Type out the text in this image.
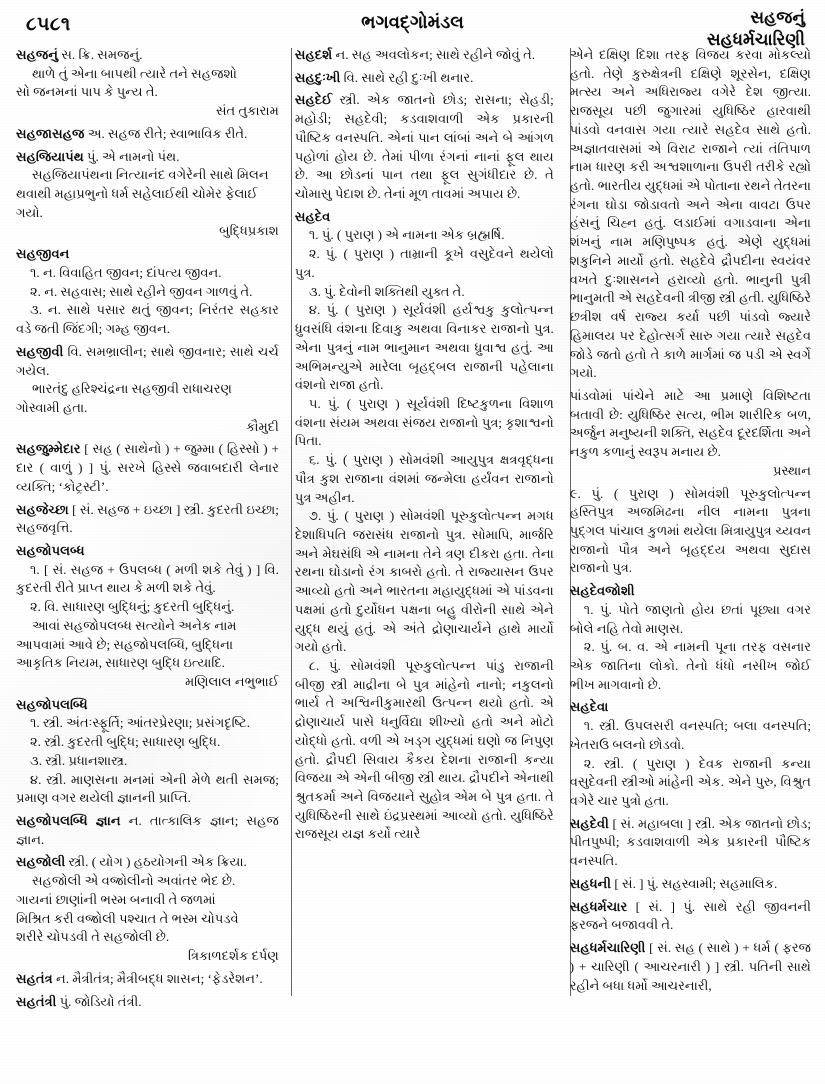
૮૫૮૧	ભગવદ્ગોમંડલ	સહજનું
સહધર્મચારિણી

સહજનું સ. ક્રિ. સમજનું.

થાળે તું એના બાપથી ત્યારે તને સહજશો

સો જનમનાં પાપ કે પુન્ય તે.

સંત તુકારામ

સહજાસહજ અ. સહજ રીતે; સ્વાભાવિક રીતે.

સહજિયાપંથ પું. એ નામનો પંથ.

સહજિયાપંથના નિત્યાનંદ વગેરેની સાથે મિલન

થવાથી મહાપ્રભુનો ધર્મ સહેલાઈથી ચોમેર ફેલાઈ

ગયો.

બુદ્ધિપ્રકાશ

સહજીવન

૧. ન. વિવાહિત જીવન; દાંપત્ય જીવન.

૨. ન. સહવાસ; સાથે રહીને જીવન ગાળવું તે.

૩. ન. સાથે પસાર થતું જીવન; નિરંતર સહકાર વડે જતી જિંદગી; ગમ્હ જીવન.

સહજીવી વિ. સમભ્રાલીન; સાથે જીવનાર; સાથે ચર્ચ ગયેલ.

ભારતંદુ હરિશ્ચંદ્રના સહજીવી રાધાચરણ

ગોસ્વામી હતા.

કૌમુદી

સહજુમ્મેદાર [ સહ ( સાથેનો ) + જુમ્મા ( હિસ્સો ) + દાર ( વાળું ) ] પું. સરખે હિસ્સે જવાબદારી લેનાર વ્યક્તિ; ‘કોટ્રસ્ટી’.

સહજેચ્છા [ સં. સહજ + ઇચ્છા ] સ્ત્રી. કુદરતી ઇચ્છા; સહજવૃત્તિ.

સહજોપલબ્ધ

૧. [ સં. સહજ + ઉપલબ્ધ ( મળી શકે તેવું ) ] વિ. કુદરતી રીતે પ્રાપ્ત થાય કે મળી શકે તેવું.

૨. વિ. સાધારણ બુદ્ધિનું; કુદરતી બુદ્ધિનું.

આવાં સહજોપલબ્ધ સત્યોને અનેક નામ

આપવામાં આવે છે; સહજોપલબ્ધિ, બુદ્ધિના

આકૃતિક નિયમ, સાધારણ બુદ્ધિ ઇત્યાદિ.

મણિલાલ નભુભાઈ

સહજોપલબ્ધિ

૧. સ્ત્રી. અંતઃસ્ફૂર્તિ; આંતરપ્રેરણા; પ્રસંગદૃષ્ટિ.

૨. સ્ત્રી. કુદરતી બુદ્ધિ; સાધારણ બુદ્ધિ.

૩. સ્ત્રી. પ્રધાનશાસ્ત્ર.

૪. સ્ત્રી. માણસના મનમાં એની મેળે થતી સમજ; પ્રમાણ વગર થયેલી જ્ઞાનની પ્રાપ્તિ.

સહજોપલબ્ધિ જ્ઞાન ન. તાત્કાલિક જ્ઞાન; સહજ જ્ઞાન.

સહજોલી સ્ત્રી. ( યોગ ) હઠયોગની એક ક્રિયા.

સહજોલી એ વજ્રોલીનો અવાંતર ભેદ છે.

ગાયનાં છાણાંની ભસ્મ બનાવી તે જળમાં

મિશ્રિત કરી વજ્રોલી પશ્ચાત તે ભસ્મ ચોપડવે

શરીરે ચોપડવી તે સહજોલી છે.

ત્રિકાળદર્શક દર્પણ

સહતંત્ર ન. મૈત્રીતંત્ર; મૈત્રીબદ્ધ શાસન; ‘ફેડરેશન’.

સહતંત્રી પું. જોડિયો તંત્રી.

સહદર્શ ન. સહ અવલોકન; સાથે રહીને જોવું તે.

સહદુઃખી વિ. સાથે રહી દુઃખી થનાર.

સહદેઈ સ્ત્રી. એક જાતનો છોડ; રાસના; સેહડી; મહોડી; સહદેવી; કડવાશવાળી એક પ્રકારની પૌષ્ટિક વનસ્પતિ. એનાં પાન લાંબાં અને બે આંગળ પહોળાં હોય છે. તેમાં પીળા રંગનાં નાનાં ફૂલ થાય છે. આ છોડનાં પાન તથા ફૂલ સુગંધીદાર છે. તે ચોમાસુ પેદાશ છે. તેનાં મૂળ તાવમાં અપાય છે.

સહદેવ

૧. પું. ( પુરાણ ) એ નામના એક બ્રહ્મર્ષિ.

૨. પું. ( પુરાણ ) તામ્રાની કૂખે વસુદેવને થયેલો પુત્ર.

૩. પું. દેવોની શક્તિથી યુક્ત તે.

૪. પું. ( પુરાણ ) સૂર્યવંશી હર્યશ્વકુ કુલોત્પન્ન ધ્રુવસંધિ વંશના દિવાકુ અથવા વિનાકર રાજાનો પુત્ર. એના પુત્રનું નામ ભાનુમાન અથવા ધ્રુવાશ્વ હતું. આ અભિમન્યુએ મારેલા બૃહદ્બલ રાજાની પહેલાના વંશનો રાજા હતો.

૫. પું. ( પુરાણ ) સૂર્યવંશી દિષ્ટકુળના વિશાળ વંશના સંયમ અથવા સંજય રાજાનો પુત્ર; કૃશાશ્વનો પિતા.

૬. પું. ( પુરાણ ) સોમવંશી આયુપુત્ર ક્ષત્રવૃદ્ધના પૌત્ર કુશ રાજાના વંશમાં જન્મેલા હર્યંવન રાજાનો પુત્ર અહીન.

૭. પું. ( પુરાણ ) સોમવંશી પૂરુકુલોત્પન્ન મગધ દેશાધિપતિ જરાસંધ રાજાનો પુત્ર. સોમાપિ, માર્જરિ અને મેઘસંધિ એ નામના તેને ત્રણ દીકરા હતા. તેના રથના ઘોડાનો રંગ કાબરો હતો. તે રાજ્યાસન ઉપર આવ્યો હતો અને ભારતના મહાયુદ્ધમાં એ પાંડવના પક્ષમાં હતો દુર્યોધન પક્ષના બહુ વીરોની સાથે એને યુદ્ધ થયું હતું. એ અંતે દ્રોણાચાર્યને હાથે માર્યો ગયો હતો.

૮. પું. સોમવંશી પૂરુકુલોત્પન્ન પાંડુ રાજાની બીજી સ્ત્રી માદ્રીના બે પુત્ર માંહેનો નાનો; નકુલનો ભાર્ય તે અશ્વિનીકુમારથી ઉત્પન્ન થયો હતો. એ દ્રોણાચાર્ય પાસે ધનુર્વિદ્યા શીખ્યો હતો અને મોટો યોદ્ધો હતો. વળી એ ખડ્ગ યુદ્ધમાં ઘણો જ નિપુણ હતો. દ્રૌપદી સિવાય કૈકય દેશના રાજાની કન્યા વિજયા એ એની બીજી સ્ત્રી થાય. દ્રૌપદીને એનાથી શ્રુતકર્મા અને વિજયાને સુહોત્ર એમ બે પુત્ર હતા. તે યુધિષ્ઠિરની સાથે ઇંદ્રપ્રસ્થમાં આવ્યો હતો. યુધિષ્ઠિરે રાજસૂય યજ્ઞ કર્યો ત્યારે

એને દક્ષિણ દિશા તરફ વિજય કરવા મોકલ્યો હતો. તેણે કુરુક્ષેત્રની દક્ષિણે શૂરસેન, દક્ષિણ મત્સ્ય અને અધિરાજ્ય વગેરે દેશ જીત્યા. રાજસૂય પછી જુગારમાં યુધિષ્ઠિર હારવાથી પાંડવો વનવાસ ગયા ત્યારે સહદેવ સાથે હતો. અજ્ઞાતવાસમાં એ વિરાટ રાજાને ત્યાં તંતિપાળ નામ ધારણ કરી અશ્વશાળાના ઉપરી તરીકે રહ્યો હતો. ભારતીય યુદ્ધમાં એ પોતાના રથને તેતરના રંગના ઘોડા જોડાવતો અને એના વાવટા ઉપર હંસનું ચિહ્ન હતું. લડાઈમાં વગાડવાના એના શંખનું નામ મણિપુષ્પક હતું. એણે યુદ્ધમાં શકુનિને માર્યો હતો. સહદેવે દ્રૌપદીના સ્વયંવર વખતે દુઃશાસનને હરાવ્યો હતો. ભાનુની પુત્રી ભાનુમતી એ સહદેવની ત્રીજી સ્ત્રી હતી. યુધિષ્ઠિરે છત્રીશ વર્ષ રાજ્ય કર્યા પછી પાંડવો જ્યારે હિમાલય પર દેહોત્સર્ગ સારુ ગયા ત્યારે સહદેવ જોડે જતો હતો તે કાળે માર્ગમાં જ પડી એ સ્વર્ગે ગયો.

પાંડવોમાં પાંચેને માટે આ પ્રમાણે વિશિષ્ટતા બતાવી છે: યુધિષ્ઠિર સત્ય, ભીમ શારીરિક બળ, અર્જુન મનુષ્યની શક્તિ, સહદેવ દૂરદર્શિતા અને નકુળ કળાનું સ્વરૂપ મનાય છે.

પ્રસ્થાન

૯. પું. ( પુરાણ ) સોમવંશી પૂરુકુલોત્પન્ન હસ્તિપુત્ર અજમિઢના નીલ નામના પુત્રના પુદ્ગલ પાંચાલ કુળમાં થયેલા મિત્રાયુપુત્ર ચ્યવન રાજાનો પૌત્ર અને બૃહદ્દય અથવા સુદાસ રાજાનો પુત્ર.

સહદેવજોશી

૧. પું. પોતે જાણતો હોય છતાં પૂછ્યા વગર બોલે નહિ તેવો માણસ.

૨. પું. બ. વ. એ નામની પૂના તરફ વસનાર એક જાતિના લોકો. તેનો ધંધો નસીખ જોઈ ભીખ માગવાનો છે.

સહદેવા

૧. સ્ત્રી. ઉપલસરી વનસ્પતિ; બલા વનસ્પતિ; ખેતરાઉ બલનો છોડવો.

૨. સ્ત્રી. ( પુરાણ ) દેવક રાજાની કન્યા વસુદેવની સ્ત્રીઓ માંહેની એક. એને પુરુ, વિશ્રુત વગેરે ચાર પુત્રો હતા.

સહદેવી [ સં. મહાબલા ] સ્ત્રી. એક જાતનો છોડ; પીતપુષ્પી; કડવાશવાળી એક પ્રકારની પૌષ્ટિક વનસ્પતિ.

સહધની [ સં. ] પું. સહસ્વામી; સહમાલિક.

સહધર્મચાર [ સં. ] પું. સાથે રહી જીવનની ફરજને બજાવવી તે.

સહધર્મચારિણી [ સં. સહ ( સાથે ) + ધર્મ ( ફરજ ) + ચારિણી ( આચરનારી ) ] સ્ત્રી. પતિની સાથે રહીને બધા ધર્મો આચરનારી,
